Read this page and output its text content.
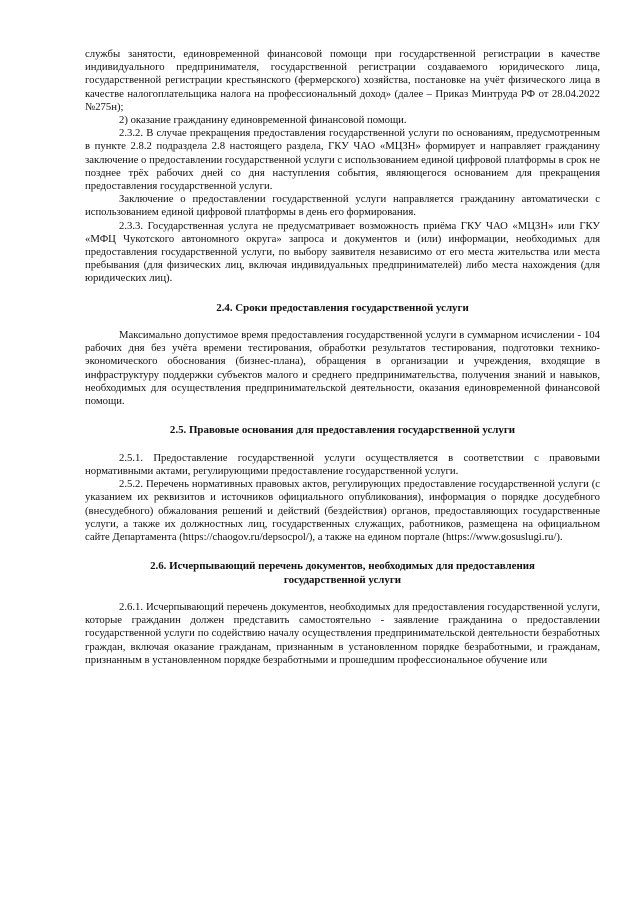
службы занятости, единовременной финансовой помощи при государственной регистрации в качестве индивидуального предпринимателя, государственной регистрации создаваемого юридического лица, государственной регистрации крестьянского (фермерского) хозяйства, постановке на учёт физического лица в качестве налогоплательщика налога на профессиональный доход» (далее – Приказ Минтруда РФ от 28.04.2022 №275н);

2) оказание гражданину единовременной финансовой помощи.

2.3.2. В случае прекращения предоставления государственной услуги по основаниям, предусмотренным в пункте 2.8.2 подраздела 2.8 настоящего раздела, ГКУ ЧАО «МЦЗН» формирует и направляет гражданину заключение о предоставлении государственной услуги с использованием единой цифровой платформы в срок не позднее трёх рабочих дней со дня наступления события, являющегося основанием для прекращения предоставления государственной услуги.

Заключение о предоставлении государственной услуги направляется гражданину автоматически с использованием единой цифровой платформы в день его формирования.

2.3.3. Государственная услуга не предусматривает возможность приёма ГКУ ЧАО «МЦЗН» или ГКУ «МФЦ Чукотского автономного округа» запроса и документов и (или) информации, необходимых для предоставления государственной услуги, по выбору заявителя независимо от его места жительства или места пребывания (для физических лиц, включая индивидуальных предпринимателей) либо места нахождения (для юридических лиц).

2.4. Сроки предоставления государственной услуги

Максимально допустимое время предоставления государственной услуги в суммарном исчислении - 104 рабочих дня без учёта времени тестирования, обработки результатов тестирования, подготовки технико-экономического обоснования (бизнес-плана), обращения в организации и учреждения, входящие в инфраструктуру поддержки субъектов малого и среднего предпринимательства, получения знаний и навыков, необходимых для осуществления предпринимательской деятельности, оказания единовременной финансовой помощи.

2.5. Правовые основания для предоставления государственной услуги

2.5.1. Предоставление государственной услуги осуществляется в соответствии с правовыми нормативными актами, регулирующими предоставление государственной услуги.

2.5.2. Перечень нормативных правовых актов, регулирующих предоставление государственной услуги (с указанием их реквизитов и источников официального опубликования), информация о порядке досудебного (внесудебного) обжалования решений и действий (бездействия) органов, предоставляющих государственные услуги, а также их должностных лиц, государственных служащих, работников, размещена на официальном сайте Департамента (https://chaogov.ru/depsocpol/), а также на едином портале (https://www.gosuslugi.ru/).

2.6. Исчерпывающий перечень документов, необходимых для предоставления
государственной услуги

2.6.1. Исчерпывающий перечень документов, необходимых для предоставления государственной услуги, которые гражданин должен представить самостоятельно - заявление гражданина о предоставлении государственной услуги по содействию началу осуществления предпринимательской деятельности безработных граждан, включая оказание гражданам, признанным в установленном порядке безработными, и гражданам, признанным в установленном порядке безработными и прошедшим профессиональное обучение или
